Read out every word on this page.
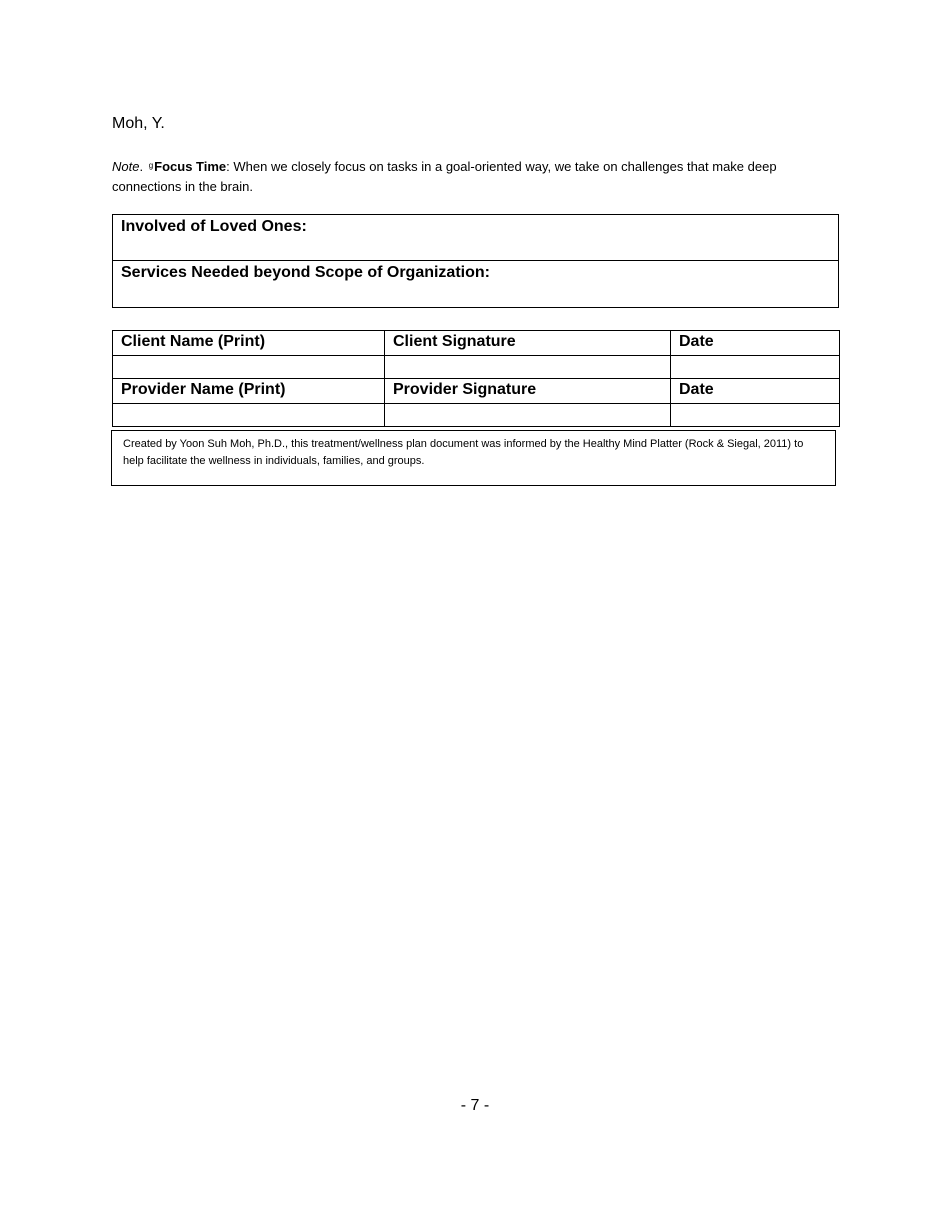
Moh, Y.
Note. $^g$Focus Time: When we closely focus on tasks in a goal-oriented way, we take on challenges that make deep connections in the brain.
Involved of Loved Ones:
Services Needed beyond Scope of Organization:
Client Name (Print)	Client Signature	Date

Provider Name (Print)	Provider Signature	Date

Created by Yoon Suh Moh, Ph.D., this treatment/wellness plan document was informed by the Healthy Mind Platter (Rock & Siegal, 2011) to help facilitate the wellness in individuals, families, and groups.
- 7 -
